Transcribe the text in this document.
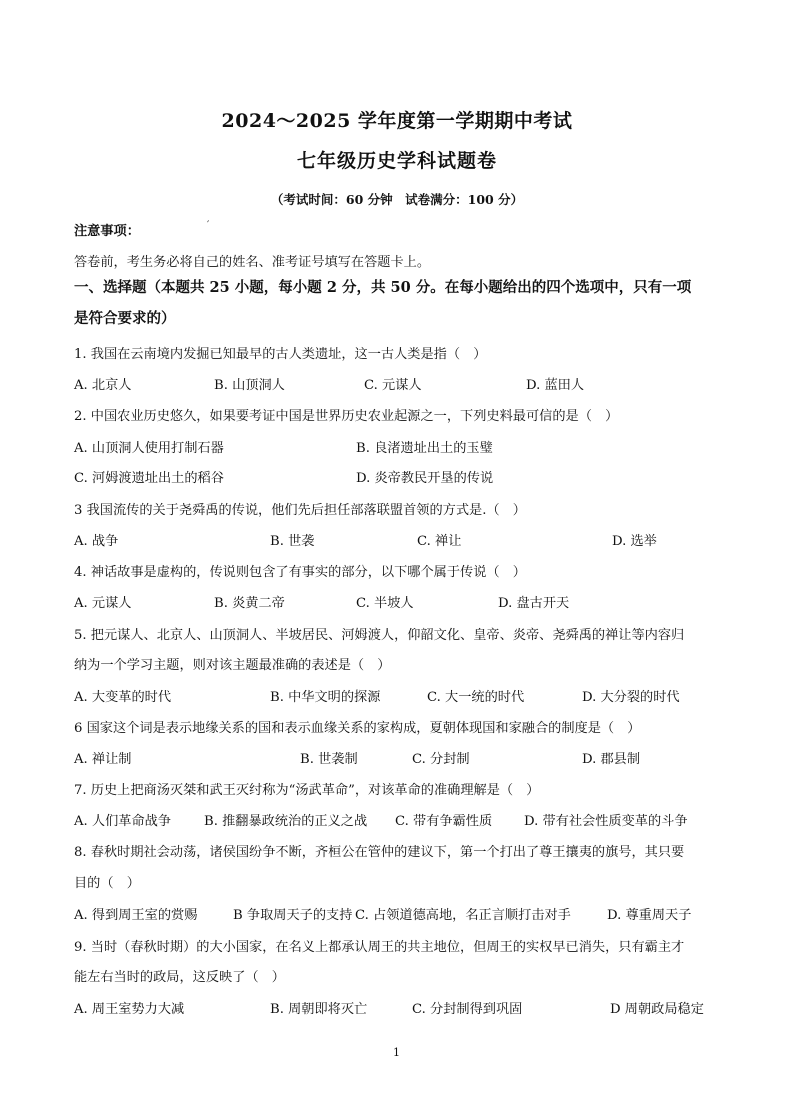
2024～2025 学年度第一学期期中考试
七年级历史学科试题卷
（考试时间：60 分钟　试卷满分：100 分）
注意事项：	′
答卷前，考生务必将自己的姓名、准考证号填写在答题卡上。
一、选择题（本题共 25 小题，每小题 2 分，共 50 分。在每小题给出的四个选项中，只有一项
是符合要求的）
1. 我国在云南境内发掘已知最早的古人类遗址，这一古人类是指（　）
A. 北京人	B. 山顶洞人	C. 元谋人	D. 蓝田人
2. 中国农业历史悠久，如果要考证中国是世界历史农业起源之一，下列史料最可信的是（　）
A. 山顶洞人使用打制石器	B. 良渚遗址出土的玉璧
C. 河姆渡遗址出土的稻谷	D. 炎帝教民开垦的传说
3 我国流传的关于尧舜禹的传说，他们先后担任部落联盟首领的方式是.（　）
A. 战争	B. 世袭	C. 禅让	D. 选举
4. 神话故事是虚构的，传说则包含了有事实的部分，以下哪个属于传说（　）
A. 元谋人	B. 炎黄二帝	C. 半坡人	D. 盘古开天
5. 把元谋人、北京人、山顶洞人、半坡居民、河姆渡人，仰韶文化、皇帝、炎帝、尧舜禹的禅让等内容归
纳为一个学习主题，则对该主题最准确的表述是（　）
A. 大变革的时代	B. 中华文明的探源	C. 大一统的时代	D. 大分裂的时代
6 国家这个词是表示地缘关系的国和表示血缘关系的家构成，夏朝体现国和家融合的制度是（　）
A. 禅让制	B. 世袭制	C. 分封制	D. 郡县制
7. 历史上把商汤灭桀和武王灭纣称为“汤武革命”，对该革命的准确理解是（　）
A. 人们革命战争 B. 推翻暴政统治的正义之战 C. 带有争霸性质 D. 带有社会性质变革的斗争
8. 春秋时期社会动荡，诸侯国纷争不断，齐桓公在管仲的建议下，第一个打出了尊王攘夷的旗号，其只要
目的（　）
A. 得到周王室的赏赐	B 争取周天子的支持 C. 占领道德高地，名正言顺打击对手	D. 尊重周天子
9. 当时（春秋时期）的大小国家，在名义上都承认周王的共主地位，但周王的实权早已消失，只有霸主才
能左右当时的政局，这反映了（　）
A. 周王室势力大减	B. 周朝即将灭亡	C. 分封制得到巩固	D 周朝政局稳定
1
